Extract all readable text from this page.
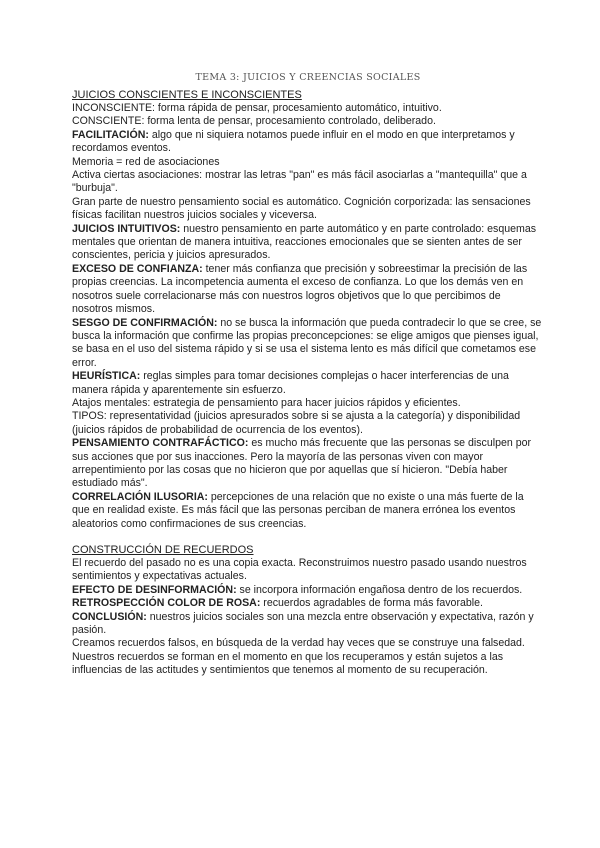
TEMA 3: JUICIOS Y CREENCIAS SOCIALES
JUICIOS CONSCIENTES E INCONSCIENTES

INCONSCIENTE: forma rápida de pensar, procesamiento automático, intuitivo.

CONSCIENTE: forma lenta de pensar, procesamiento controlado, deliberado.

FACILITACIÓN: algo que ni siquiera notamos puede influir en el modo en que interpretamos y recordamos eventos.

Memoria = red de asociaciones

Activa ciertas asociaciones: mostrar las letras "pan" es más fácil asociarlas a "mantequilla" que a "burbuja".

Gran parte de nuestro pensamiento social es automático. Cognición corporizada: las sensaciones físicas facilitan nuestros juicios sociales y viceversa.

JUICIOS INTUITIVOS: nuestro pensamiento en parte automático y en parte controlado: esquemas mentales que orientan de manera intuitiva, reacciones emocionales que se sienten antes de ser conscientes, pericia y juicios apresurados.

EXCESO DE CONFIANZA: tener más confianza que precisión y sobreestimar la precisión de las propias creencias. La incompetencia aumenta el exceso de confianza. Lo que los demás ven en nosotros suele correlacionarse más con nuestros logros objetivos que lo que percibimos de nosotros mismos.

SESGO DE CONFIRMACIÓN: no se busca la información que pueda contradecir lo que se cree, se busca la información que confirme las propias preconcepciones: se elige amigos que pienses igual, se basa en el uso del sistema rápido y si se usa el sistema lento es más difícil que cometamos ese error.

HEURÍSTICA: reglas simples para tomar decisiones complejas o hacer interferencias de una manera rápida y aparentemente sin esfuerzo.

Atajos mentales: estrategia de pensamiento para hacer juicios rápidos y eficientes.

TIPOS: representatividad (juicios apresurados sobre si se ajusta a la categoría) y disponibilidad (juicios rápidos de probabilidad de ocurrencia de los eventos).

PENSAMIENTO CONTRAFÁCTICO: es mucho más frecuente que las personas se disculpen por sus acciones que por sus inacciones. Pero la mayoría de las personas viven con mayor arrepentimiento por las cosas que no hicieron que por aquellas que sí hicieron. "Debía haber estudiado más".

CORRELACIÓN ILUSORIA: percepciones de una relación que no existe o una más fuerte de la que en realidad existe. Es más fácil que las personas perciban de manera errónea los eventos aleatorios como confirmaciones de sus creencias.

CONSTRUCCIÓN DE RECUERDOS

El recuerdo del pasado no es una copia exacta. Reconstruimos nuestro pasado usando nuestros sentimientos y expectativas actuales.

EFECTO DE DESINFORMACIÓN: se incorpora información engañosa dentro de los recuerdos.

RETROSPECCIÓN COLOR DE ROSA: recuerdos agradables de forma más favorable.

CONCLUSIÓN: nuestros juicios sociales son una mezcla entre observación y expectativa, razón y pasión.

Creamos recuerdos falsos, en búsqueda de la verdad hay veces que se construye una falsedad.

Nuestros recuerdos se forman en el momento en que los recuperamos y están sujetos a las influencias de las actitudes y sentimientos que tenemos al momento de su recuperación.
